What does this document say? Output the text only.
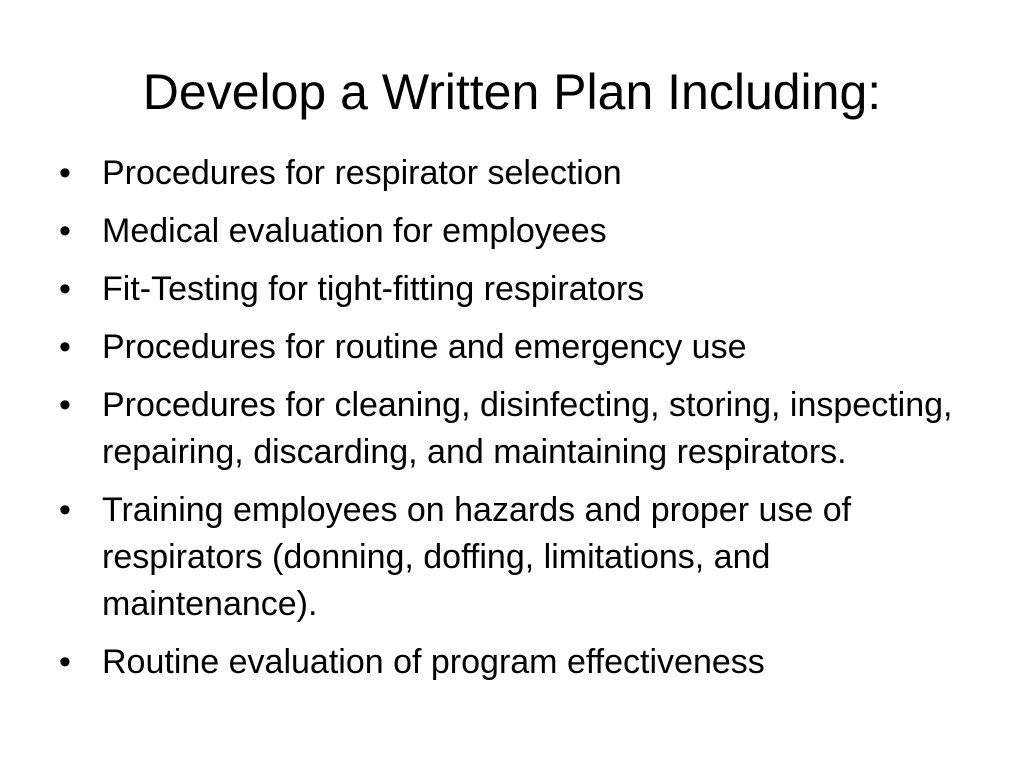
Develop a Written Plan Including:
• Procedures for respirator selection
• Medical evaluation for employees
• Fit-Testing for tight-fitting respirators
• Procedures for routine and emergency use
• Procedures for cleaning, disinfecting, storing, inspecting, repairing, discarding, and maintaining respirators.
• Training employees on hazards and proper use of respirators (donning, doffing, limitations, and maintenance).
• Routine evaluation of program effectiveness
